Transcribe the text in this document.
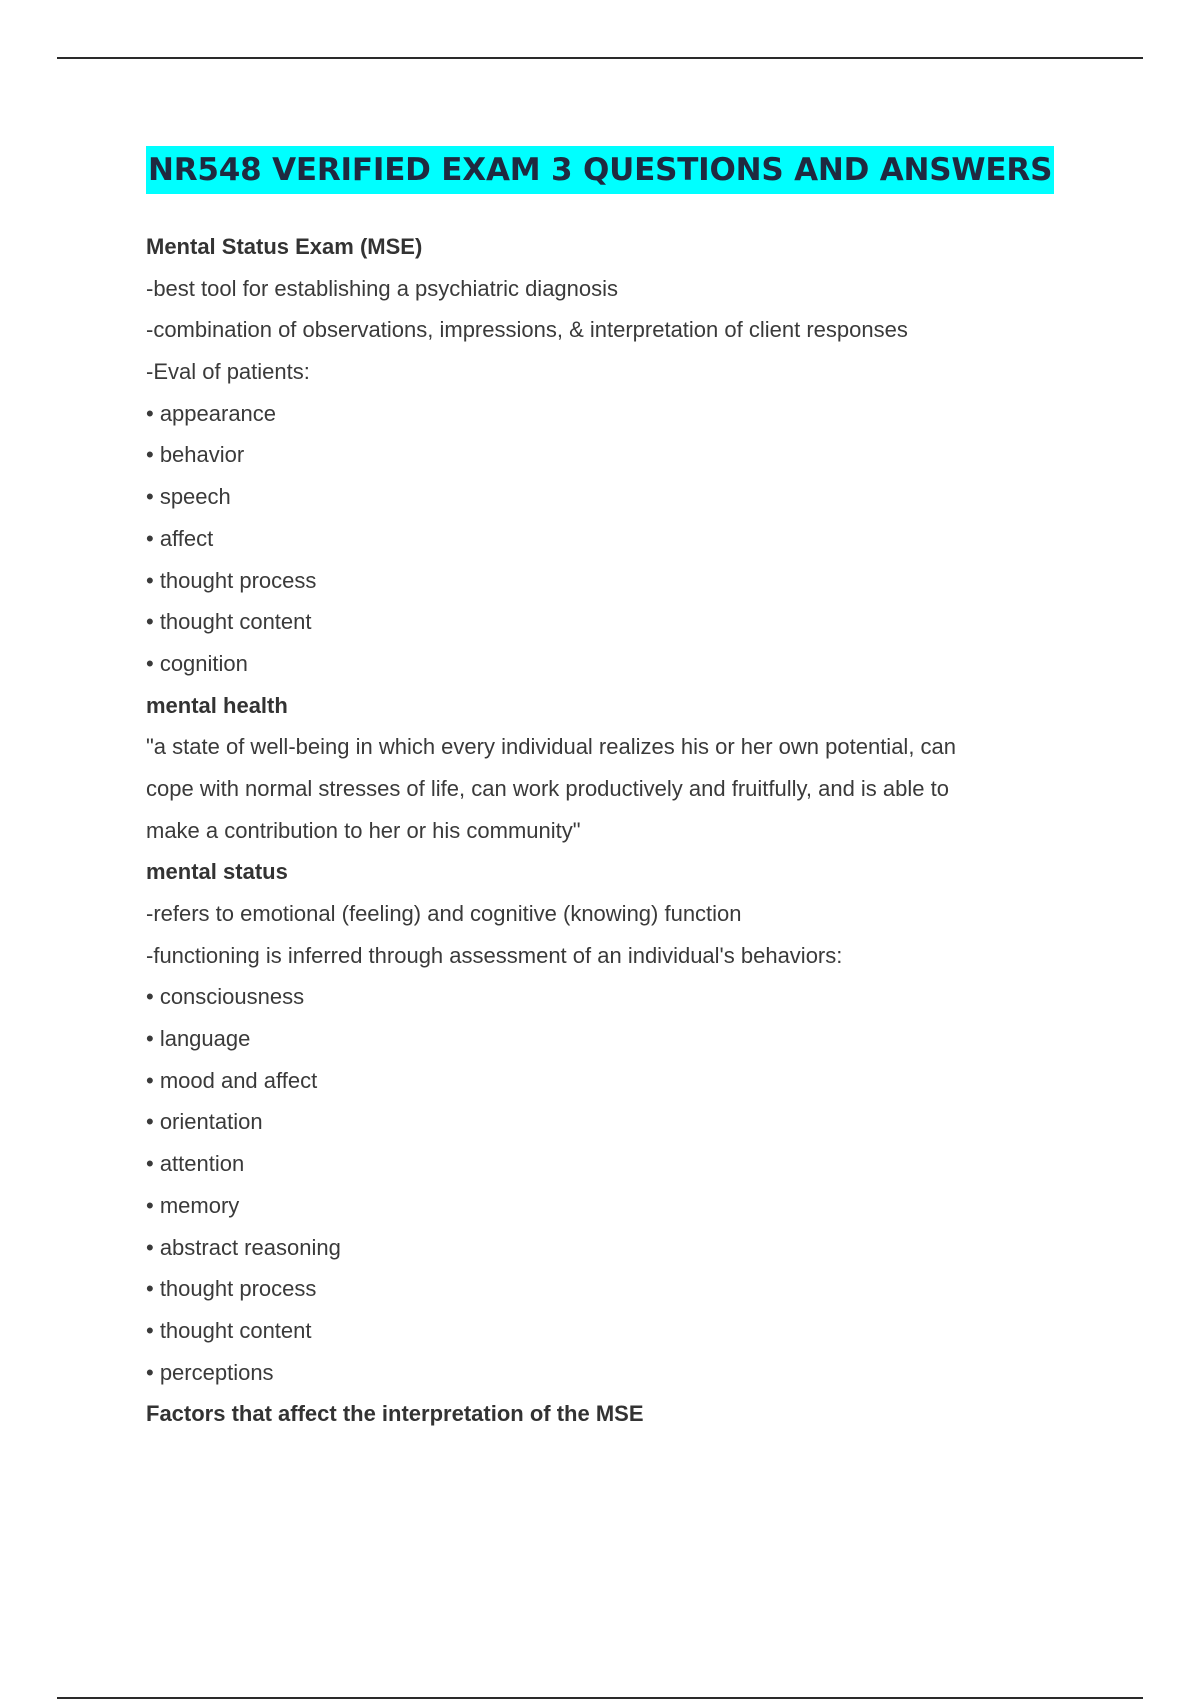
NR548 VERIFIED EXAM 3 QUESTIONS AND ANSWERS
Mental Status Exam (MSE)
-best tool for establishing a psychiatric diagnosis
-combination of observations, impressions, & interpretation of client responses
-Eval of patients:
• appearance
• behavior
• speech
• affect
• thought process
• thought content
• cognition
mental health
"a state of well-being in which every individual realizes his or her own potential, can
cope with normal stresses of life, can work productively and fruitfully, and is able to
make a contribution to her or his community"
mental status
-refers to emotional (feeling) and cognitive (knowing) function
-functioning is inferred through assessment of an individual's behaviors:
• consciousness
• language
• mood and affect
• orientation
• attention
• memory
• abstract reasoning
• thought process
• thought content
• perceptions
Factors that affect the interpretation of the MSE
